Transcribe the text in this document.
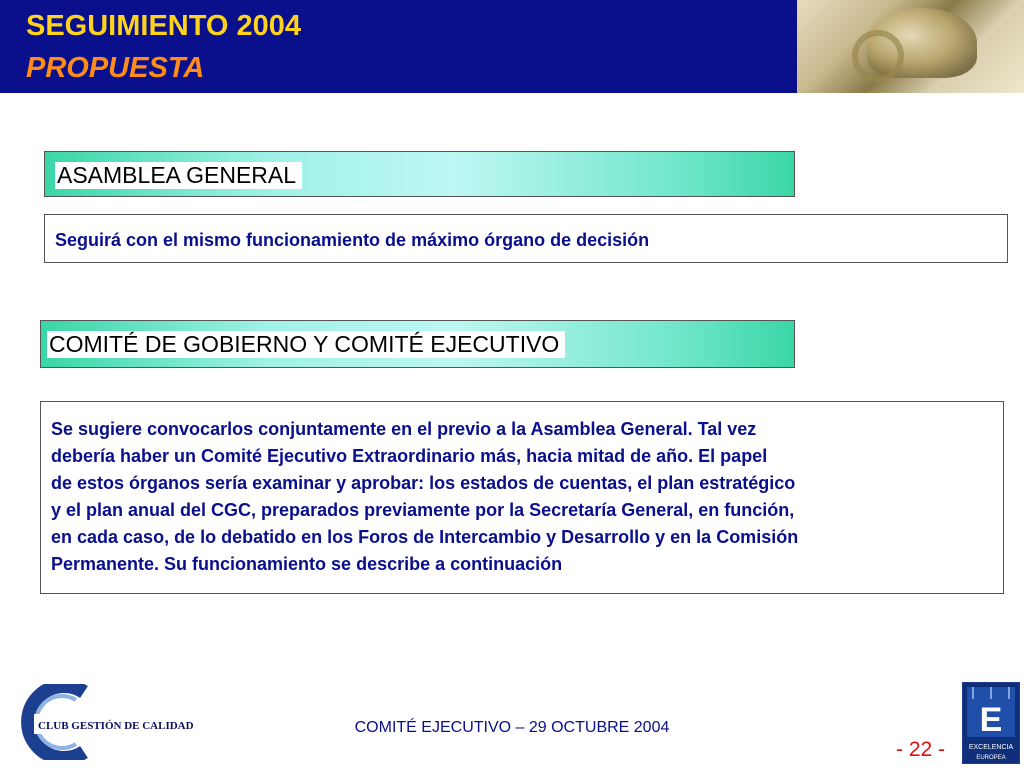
SEGUIMIENTO 2004
PROPUESTA
ASAMBLEA GENERAL
Seguirá con el mismo funcionamiento de máximo órgano de decisión
COMITÉ DE GOBIERNO Y COMITÉ EJECUTIVO
Se sugiere convocarlos conjuntamente en el previo a la Asamblea General. Tal vez
debería haber un Comité Ejecutivo Extraordinario más, hacia mitad de año. El papel
de estos órganos sería examinar y aprobar: los estados de cuentas, el plan estratégico
y el plan anual del CGC, preparados previamente por la Secretaría General, en función,
en cada caso, de lo debatido en los Foros de Intercambio y Desarrollo y en la Comisión
Permanente. Su funcionamiento se describe a continuación
CLUB GESTIÓN DE CALIDAD	COMITÉ EJECUTIVO – 29 OCTUBRE 2004
- 22 -
E
EXCELENCIA
EUROPEA
